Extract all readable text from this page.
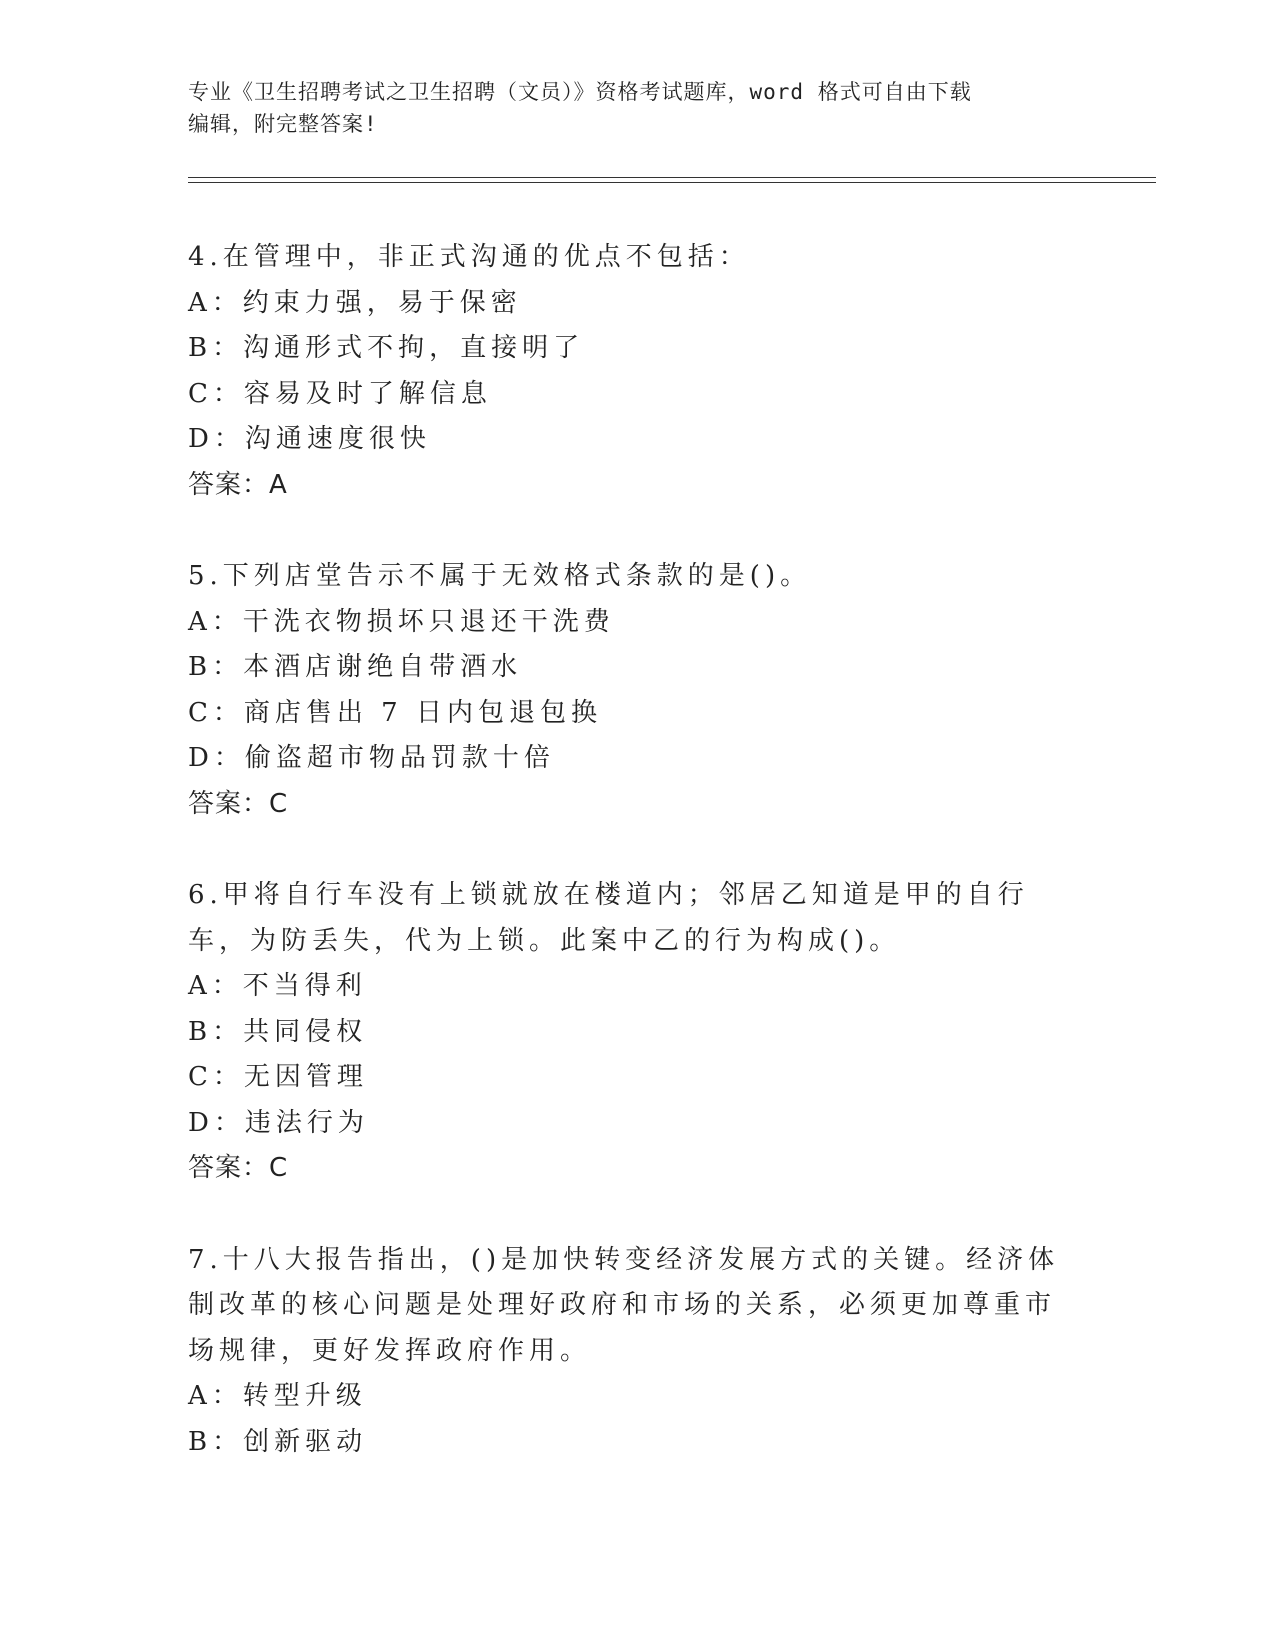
专业《卫生招聘考试之卫生招聘（文员）》资格考试题库，word 格式可自由下载
编辑，附完整答案!

4.在管理中，非正式沟通的优点不包括：

A：约束力强，易于保密

B：沟通形式不拘，直接明了

C：容易及时了解信息

D：沟通速度很快

答案：A

5.下列店堂告示不属于无效格式条款的是()。

A：干洗衣物损坏只退还干洗费

B：本酒店谢绝自带酒水

C：商店售出 7 日内包退包换

D：偷盗超市物品罚款十倍

答案：C

6.甲将自行车没有上锁就放在楼道内；邻居乙知道是甲的自行车，为防丢失，代为上锁。此案中乙的行为构成()。

A：不当得利

B：共同侵权

C：无因管理

D：违法行为

答案：C

7.十八大报告指出，()是加快转变经济发展方式的关键。经济体制改革的核心问题是处理好政府和市场的关系，必须更加尊重市场规律，更好发挥政府作用。

A：转型升级

B：创新驱动
